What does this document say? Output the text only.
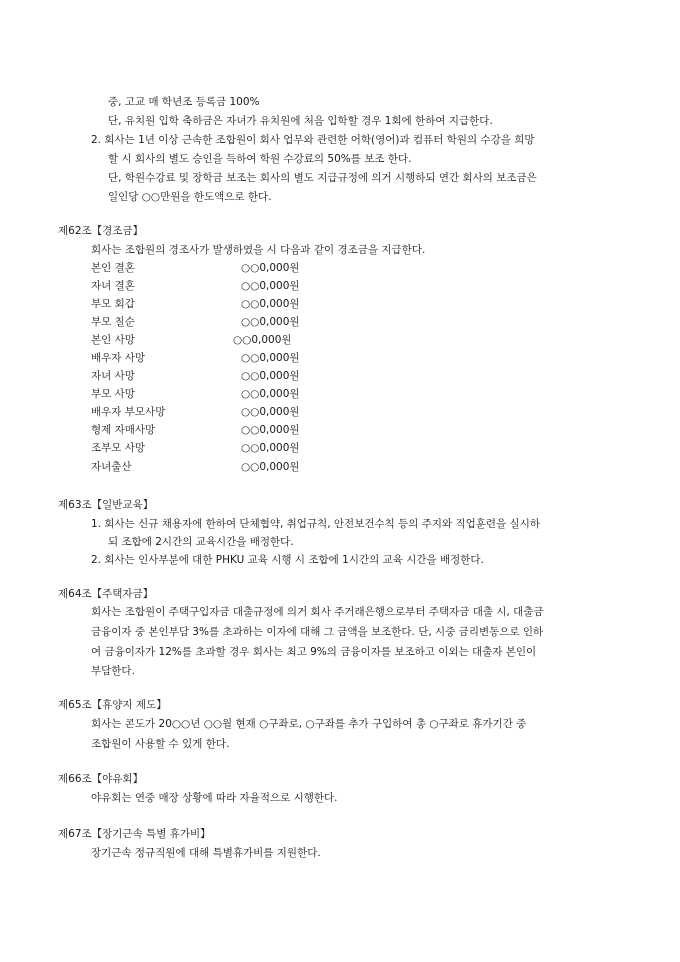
중, 고교 매 학년조 등록금 100%
단, 유치원 입학 축하금은 자녀가 유치원에 처음 입학할 경우 1회에 한하여 지급한다.
2. 회사는 1년 이상 근속한 조합원이 회사 업무와 관련한 어학(영어)과 컴퓨터 학원의 수강을 희망
할 시 회사의 별도 승인을 득하여 학원 수강료의 50%를 보조 한다.
단, 학원수강료 및 장학금 보조는 회사의 별도 지급규정에 의거 시행하되 연간 회사의 보조금은
일인당 ○○만원을 한도액으로 한다.
제62조【경조금】
회사는 조합원의 경조사가 발생하였을 시 다음과 같이 경조금을 지급한다.
본인 결혼	○○0,000원
자녀 결혼	○○0,000원
부모 회갑	○○0,000원
부모 칠순	○○0,000원
본인 사망	○○0,000원
배우자 사망	○○0,000원
자녀 사망	○○0,000원
부모 사망	○○0,000원
배우자 부모사망	○○0,000원
형제 자매사망	○○0,000원
조부모 사망	○○0,000원
자녀출산	○○0,000원
제63조【일반교육】
1. 회사는 신규 채용자에 한하여 단체협약, 취업규칙, 안전보건수칙 등의 주지와 직업훈련을 실시하
되 조합에 2시간의 교육시간을 배정한다.
2. 회사는 인사부분에 대한 PHKU 교육 시행 시 조합에 1시간의 교육 시간을 배정한다.
제64조【주택자금】
회사는 조합원이 주택구입자금 대출규정에 의거 회사 주거래은행으로부터 주택자금 대출 시, 대출금
금융이자 중 본인부담 3%를 초과하는 이자에 대해 그 금액을 보조한다. 단, 시중 금리변동으로 인하
여 금융이자가 12%를 초과할 경우 회사는 최고 9%의 금융이자를 보조하고 이외는 대출자 본인이
부담한다.
제65조【휴양지 제도】
회사는 콘도가 20○○년 ○○월 현재 ○구좌로, ○구좌를 추가 구입하여 총 ○구좌로 휴가기간 중
조합원이 사용할 수 있게 한다.
제66조【야유회】
야유회는 연중 매장 상황에 따라 자율적으로 시행한다.
제67조【장기근속 특별 휴가비】
장기근속 정규직원에 대해 특별휴가비를 지원한다.
